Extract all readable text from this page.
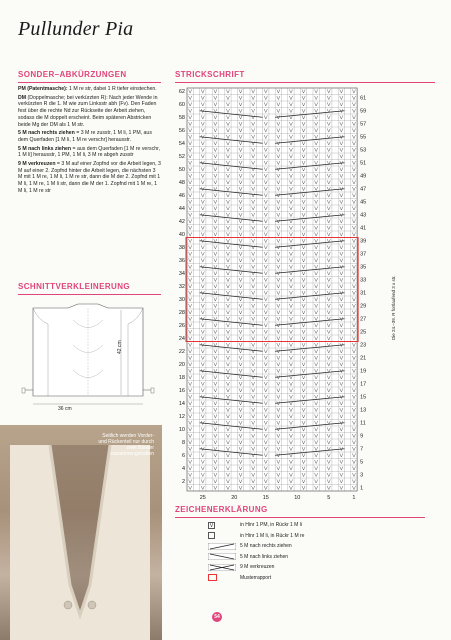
Pullunder Pia
SONDER–ABKÜRZUNGEN

PM (Patentmasche): 1 M re str, dabei 1 R tiefer einstechen.

DM (Doppelmasche; bei verkürzten R): Nach jeder Wende in verkürzten R die 1. M wie zum Linksstr abh (Fv). Den Faden fest über die rechte Nd zur Rückseite der Arbeit ziehen, sodass die M doppelt erscheint. Beim späteren Abstricken beide Mg der DM als 1 M str.

5 M nach rechts ziehen = 3 M re zusstr, 1 M li, 1 PM, aus dem Querfaden [1 M li, 1 M re verschr] herausstr.

5 M nach links ziehen = aus dem Querfaden [1 M re verschr, 1 M li] herausstr, 1 PM, 1 M li, 3 M re abgeh zusstr

9 M verkreuzen = 3 M auf einer Zopfnd vor die Arbeit legen, 3 M auf einer 2. Zopfnd hinter die Arbeit legen, die nächsten 3 M mit 1 M re, 1 M li, 1 M re str, dann die M der 2. Zopfnd mit 1 M li, 1 M re, 1 M li str, dann die M der 1. Zopfnd mit 1 M re, 1 M li, 1 M re str

SCHNITTVERKLEINERUNG
42 cm
36 cm
Seitlich werden Vorder- und Rückenteil nur durch zwei Bänder zusammengehalten
STRICKSCHRIFT
62
60
58
56
54
52
50
48
46
44
42
40
38
36
34
32
30
28
26
24
22
20
18
16
14
12
10
8
6
4
2
61
59
57
55
53
51
49
47
45
43
41
39
37
35
33
31
29
27
25
23
21
19
17
15
13
11
9
7
5
3
1
25	20	15	10	5	1
Die 24.–39. R fortlaufend 3 x str.
ZEICHENERKLÄRUNG
V	in Hinr 1 PM, in Rückr 1 M li
in Hinr 1 M li, in Rückr 1 M re
5 M nach rechts ziehen
5 M nach links ziehen
9 M verkreuzen
Musterrapport
54
